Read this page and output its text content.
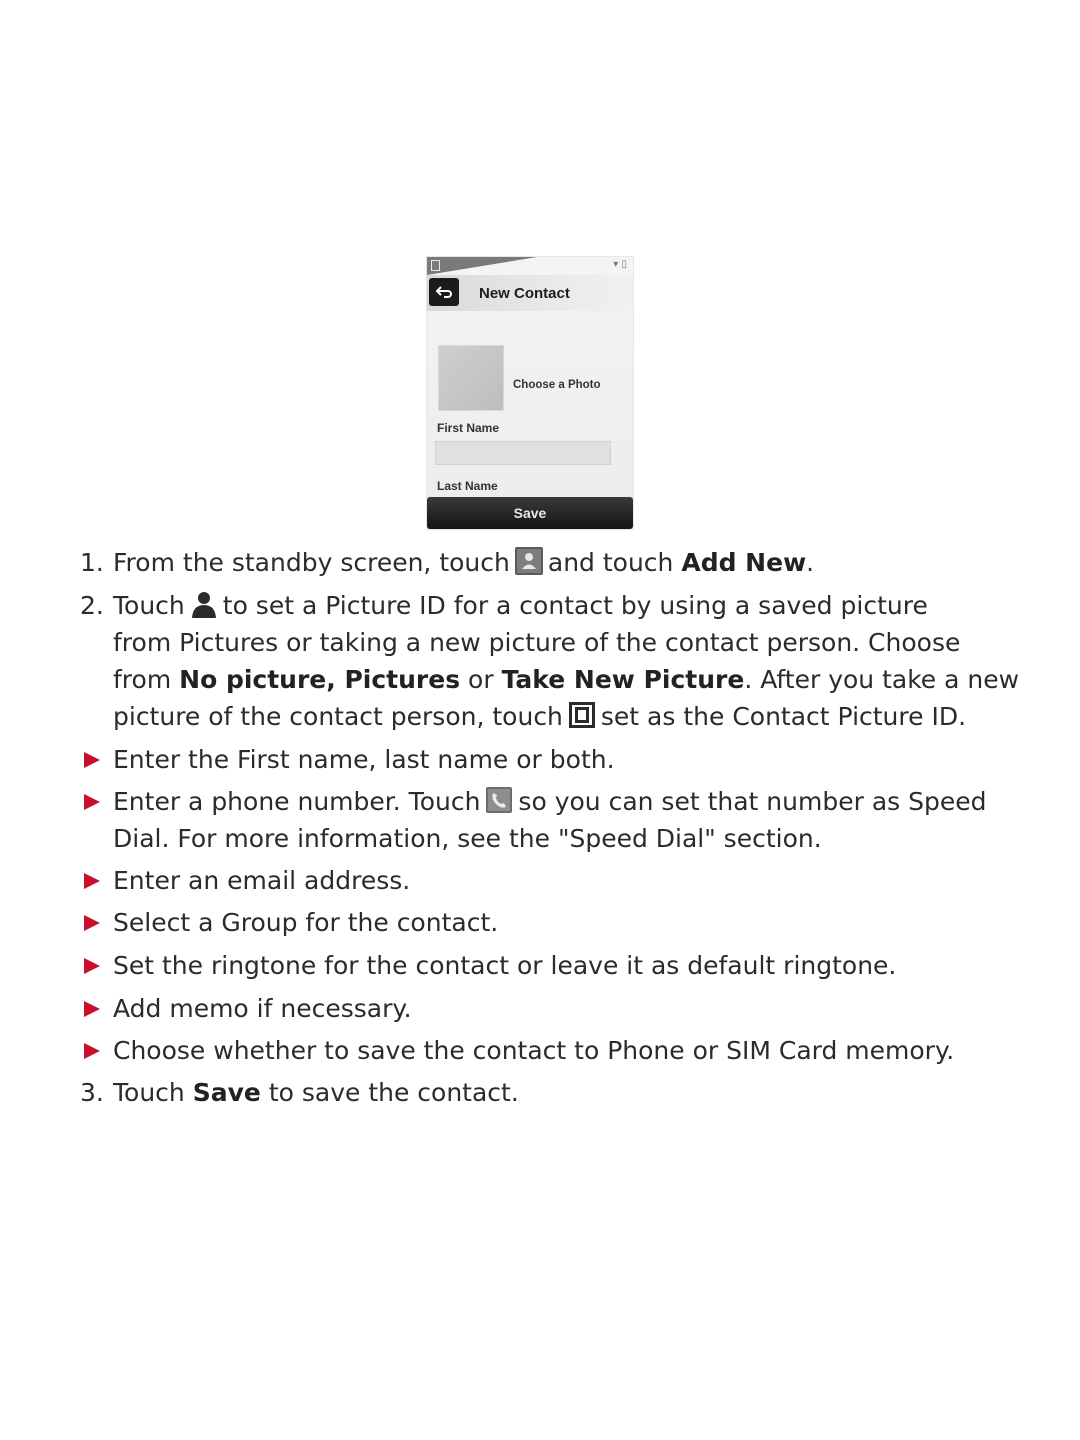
▾ ▯
New Contact
Choose a Photo
First Name
Last Name
Save
1. From the standby screen, touch and touch Add New.
2. Touch to set a Picture ID for a contact by using a saved picture
from Pictures or taking a new picture of the contact person. Choose
from No picture, Pictures or Take New Picture. After you take a new
picture of the contact person, touch set as the Contact Picture ID.
Enter the First name, last name or both.
Enter a phone number. Touch so you can set that number as Speed
Dial. For more information, see the "Speed Dial" section.
Enter an email address.
Select a Group for the contact.
Set the ringtone for the contact or leave it as default ringtone.
Add memo if necessary.
Choose whether to save the contact to Phone or SIM Card memory.
3. Touch Save to save the contact.
